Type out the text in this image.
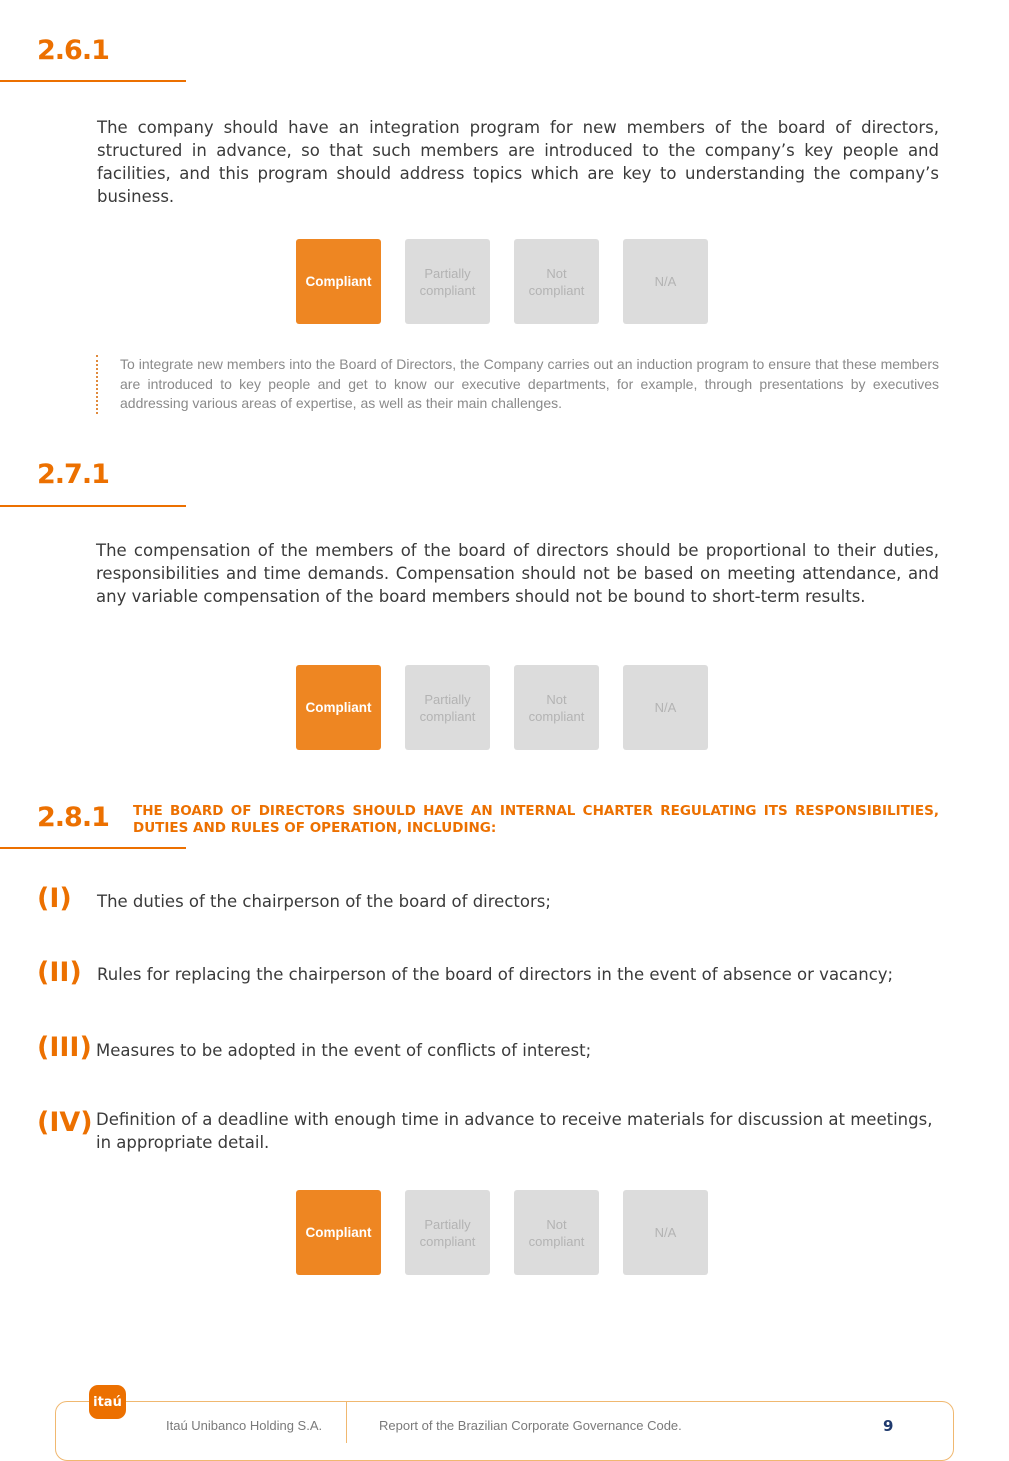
2.6.1
The company should have an integration program for new members of the board of directors, structured in advance, so that such members are introduced to the company’s key people and facilities, and this program should address topics which are key to understanding the company’s business.
Compliant
Partially compliant
Not compliant
N/A
To integrate new members into the Board of Directors, the Company carries out an induction program to ensure that these members are introduced to key people and get to know our executive departments, for example, through presentations by executives addressing various areas of expertise, as well as their main challenges.
2.7.1
The compensation of the members of the board of directors should be proportional to their duties, responsibilities and time demands. Compensation should not be based on meeting attendance, and any variable compensation of the board members should not be bound to short-term results.
Compliant
Partially compliant
Not compliant
N/A
2.8.1 THE BOARD OF DIRECTORS SHOULD HAVE AN INTERNAL CHARTER REGULATING ITS RESPONSIBILITIES, DUTIES AND RULES OF OPERATION, INCLUDING:
(I) The duties of the chairperson of the board of directors;
(II) Rules for replacing the chairperson of the board of directors in the event of absence or vacancy;
(III) Measures to be adopted in the event of conflicts of interest;
(IV) Definition of a deadline with enough time in advance to receive materials for discussion at meetings, in appropriate detail.
Compliant
Partially compliant
Not compliant
N/A
itaú
Itaú Unibanco Holding S.A.	Report of the Brazilian Corporate Governance Code.	9
